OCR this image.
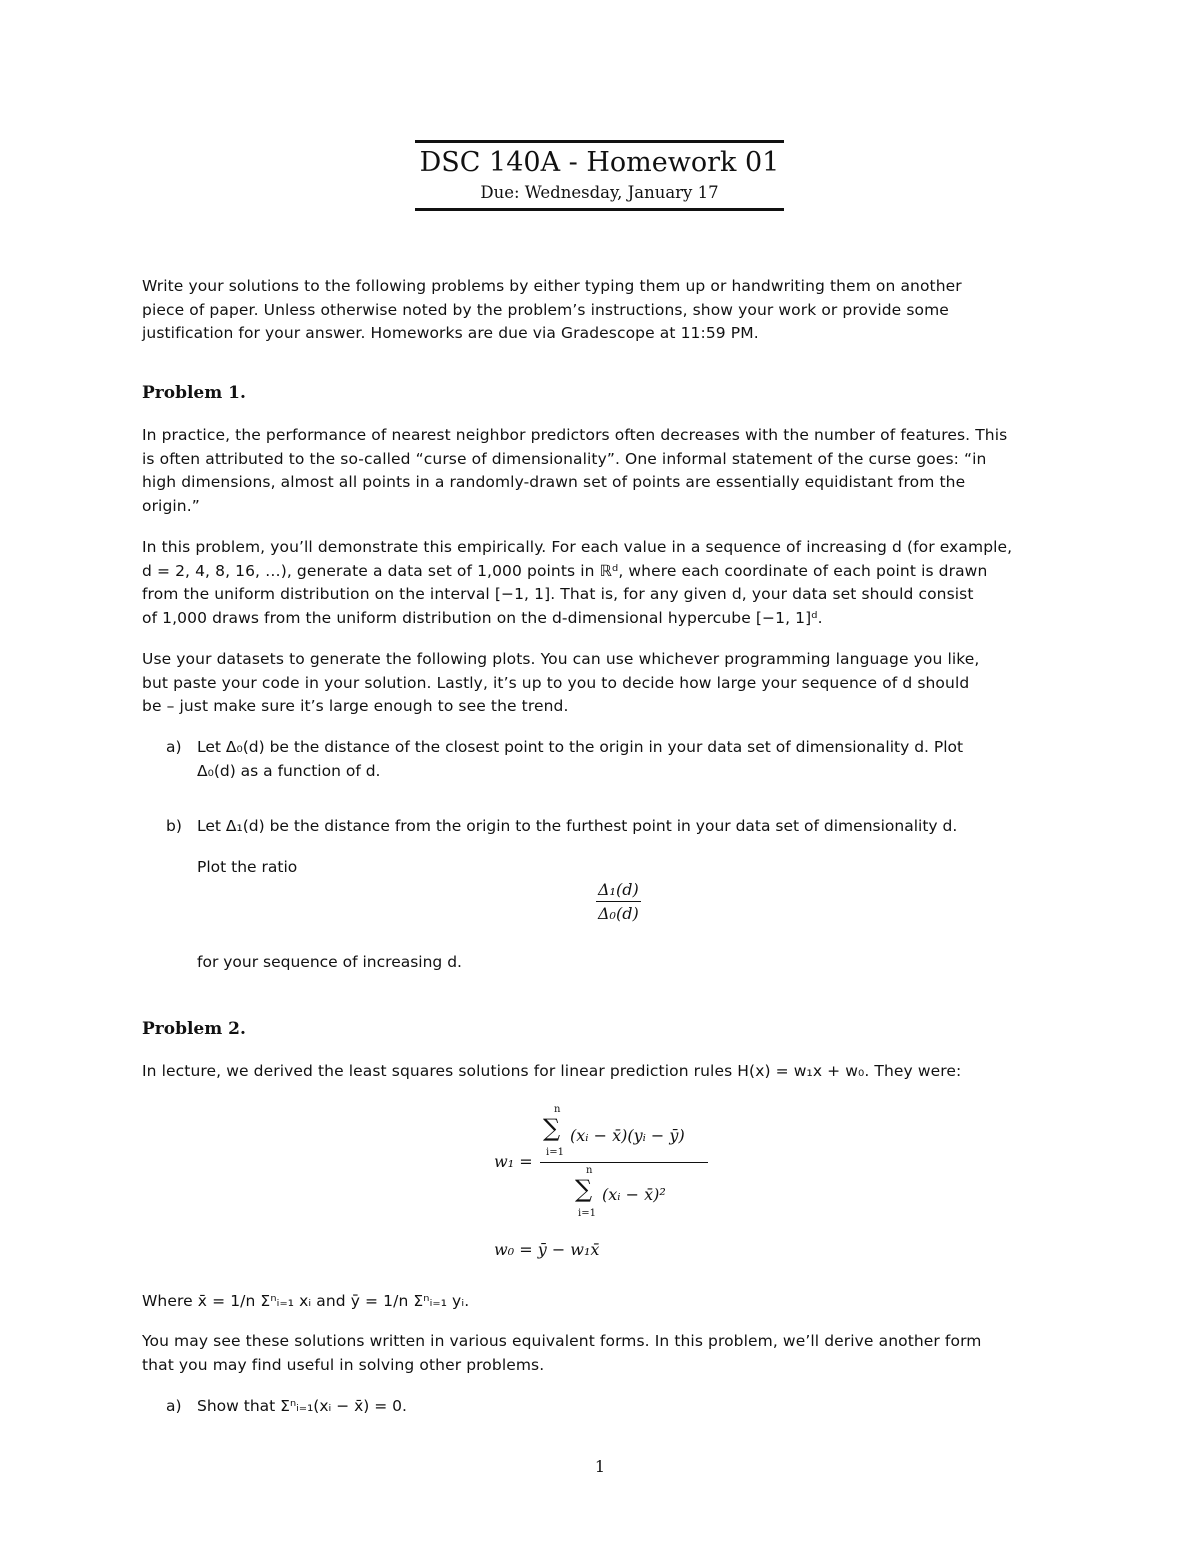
DSC 140A - Homework 01
Due: Wednesday, January 17
Write your solutions to the following problems by either typing them up or handwriting them on another
piece of paper. Unless otherwise noted by the problem’s instructions, show your work or provide some
justification for your answer. Homeworks are due via Gradescope at 11:59 PM.
Problem 1.
In practice, the performance of nearest neighbor predictors often decreases with the number of features. This
is often attributed to the so-called “curse of dimensionality”. One informal statement of the curse goes: “in
high dimensions, almost all points in a randomly-drawn set of points are essentially equidistant from the
origin.”
In this problem, you’ll demonstrate this empirically. For each value in a sequence of increasing d (for example,
d = 2, 4, 8, 16, …), generate a data set of 1,000 points in ℝᵈ, where each coordinate of each point is drawn
from the uniform distribution on the interval [−1, 1]. That is, for any given d, your data set should consist
of 1,000 draws from the uniform distribution on the d-dimensional hypercube [−1, 1]ᵈ.
Use your datasets to generate the following plots. You can use whichever programming language you like,
but paste your code in your solution. Lastly, it’s up to you to decide how large your sequence of d should
be – just make sure it’s large enough to see the trend.
a) Let Δ₀(d) be the distance of the closest point to the origin in your data set of dimensionality d. Plot
Δ₀(d) as a function of d.
b) Let Δ₁(d) be the distance from the origin to the furthest point in your data set of dimensionality d.
Plot the ratio
$\frac{\text{Δ₁(d)}}{\text{Δ₀(d)}}$
for your sequence of increasing d.
Problem 2.
In lecture, we derived the least squares solutions for linear prediction rules H(x) = w₁x + w₀. They were:
w₁ = n
∑
i=1
(xᵢ − x̄)(yᵢ − ȳ)
n
∑
i=1
(xᵢ − x̄)²
w₀ = ȳ − w₁x̄
Where x̄ = 1/n Σⁿᵢ₌₁ xᵢ and ȳ = 1/n Σⁿᵢ₌₁ yᵢ.
You may see these solutions written in various equivalent forms. In this problem, we’ll derive another form
that you may find useful in solving other problems.
a) Show that Σⁿᵢ₌₁(xᵢ − x̄) = 0.
1
